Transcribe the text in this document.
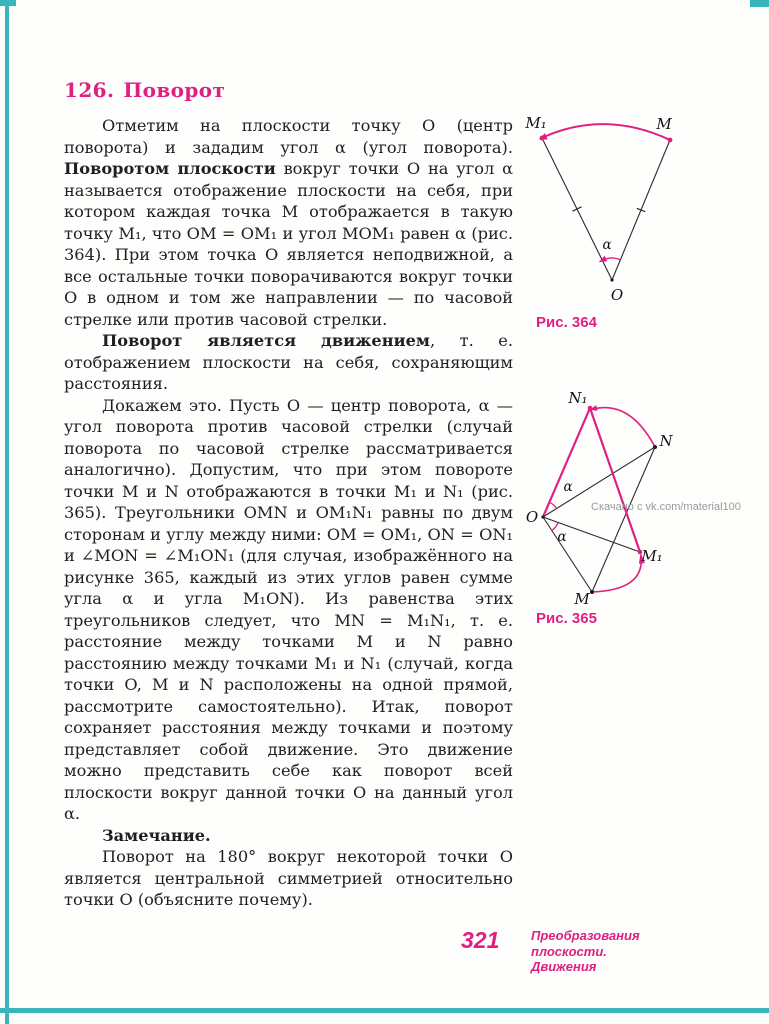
126. Поворот

Отметим на плоскости точку O (центр поворота) и зададим угол α (угол поворота). Поворотом плоскости вокруг точки O на угол α называется отображение плоскости на себя, при котором каждая точка M отображается в такую точку M₁, что OM = OM₁ и угол MOM₁ равен α (рис. 364). При этом точка O является неподвижной, а все остальные точки поворачиваются вокруг точки O в одном и том же направлении — по часовой стрелке или против часовой стрелки.

Поворот является движением, т. е. отображением плоскости на себя, сохраняющим расстояния.

Докажем это. Пусть O — центр поворота, α — угол поворота против часовой стрелки (случай поворота по часовой стрелке рассматривается аналогично). Допустим, что при этом повороте точки M и N отображаются в точки M₁ и N₁ (рис. 365). Треугольники OMN и OM₁N₁ равны по двум сторонам и углу между ними: OM = OM₁, ON = ON₁ и ∠MON = ∠M₁ON₁ (для случая, изображённого на рисунке 365, каждый из этих углов равен сумме угла α и угла M₁ON). Из равенства этих треугольников следует, что MN = M₁N₁, т. е. расстояние между точками M и N равно расстоянию между точками M₁ и N₁ (случай, когда точки O, M и N расположены на одной прямой, рассмотрите самостоятельно). Итак, поворот сохраняет расстояния между точками и поэтому представляет собой движение. Это движение можно представить себе как поворот всей плоскости вокруг данной точки O на данный угол α.

Замечание.

Поворот на 180° вокруг некоторой точки O является центральной симметрией относительно точки O (объясните почему).

M₁	M
α
O
Рис. 364
N₁
N
M₁
M
O
α
α
Рис. 365
Скачано с vk.com/material100
321 Преобразования
плоскости.
Движения
